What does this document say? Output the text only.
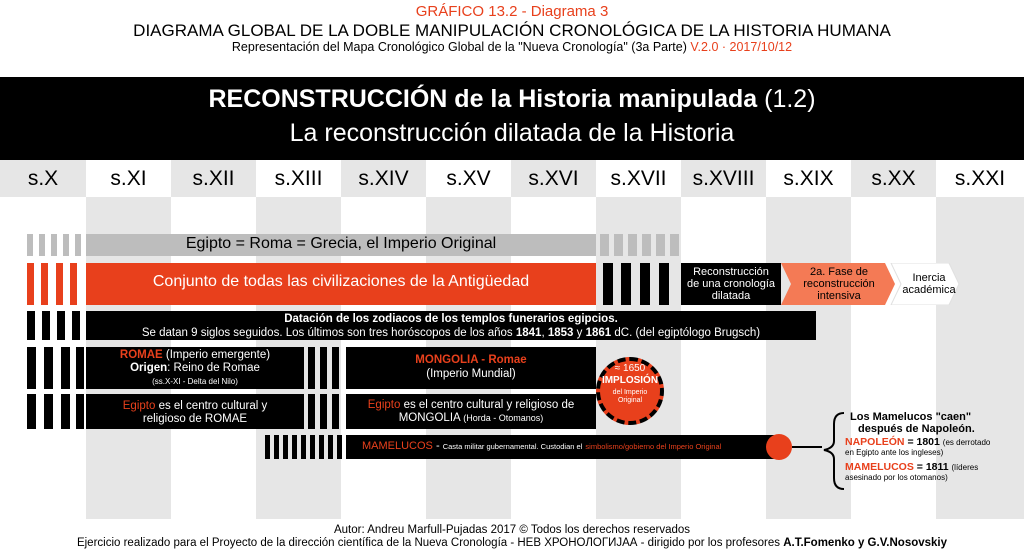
GRÁFICO 13.2 - Diagrama 3
DIAGRAMA GLOBAL DE LA DOBLE MANIPULACIÓN CRONOLÓGICA DE LA HISTORIA HUMANA
Representación del Mapa Cronológico Global de la "Nueva Cronología" (3a Parte) V.2.0 · 2017/10/12
RECONSTRUCCIÓN de la Historia manipulada (1.2)
La reconstrucción dilatada de la Historia
s.X	s.XI	s.XII	s.XIII	s.XIV	s.XV	s.XVI	s.XVII	s.XVIII	s.XIX	s.XX	s.XXI
Egipto = Roma = Grecia, el Imperio Original
Conjunto de todas las civilizaciones de la Antigüedad
Reconstrucción
de una cronología
dilatada
2a. Fase de
reconstrucción
intensiva
Inercia
académica
Datación de los zodiacos de los templos funerarios egipcios.
Se datan 9 siglos seguidos. Los últimos son tres horóscopos de los años 1841, 1853 y 1861 dC. (del egiptólogo Brugsch)
ROMAE (Imperio emergente)
Origen: Reino de Romae
(ss.X-XI - Delta del Nilo)
MONGOLIA - Romae
(Imperio Mundial)
Egipto es el centro cultural y
religioso de ROMAE
Egipto es el centro cultural y religioso de
MONGOLIA (Horda - Otomanos)
MAMELUCOS - Casta militar gubernamental. Custodian el simbolismo/gobierno del Imperio Original
≈ 1650
IMPLOSIÓN
del Imperio
Original
Los Mamelucos "caen"
después de Napoleón.
NAPOLEÓN = 1801 (es derrotado
en Egipto ante los ingleses)
MAMELUCOS = 1811 (líderes
asesinado por los otomanos)
Autor: Andreu Marfull-Pujadas 2017 © Todos los derechos reservados
Ejercicio realizado para el Proyecto de la dirección científica de la Nueva Cronología - НЕВ ХРОНОЛОГИЈАА - dirigido por los profesores A.T.Fomenko y G.V.Nosovskiy
